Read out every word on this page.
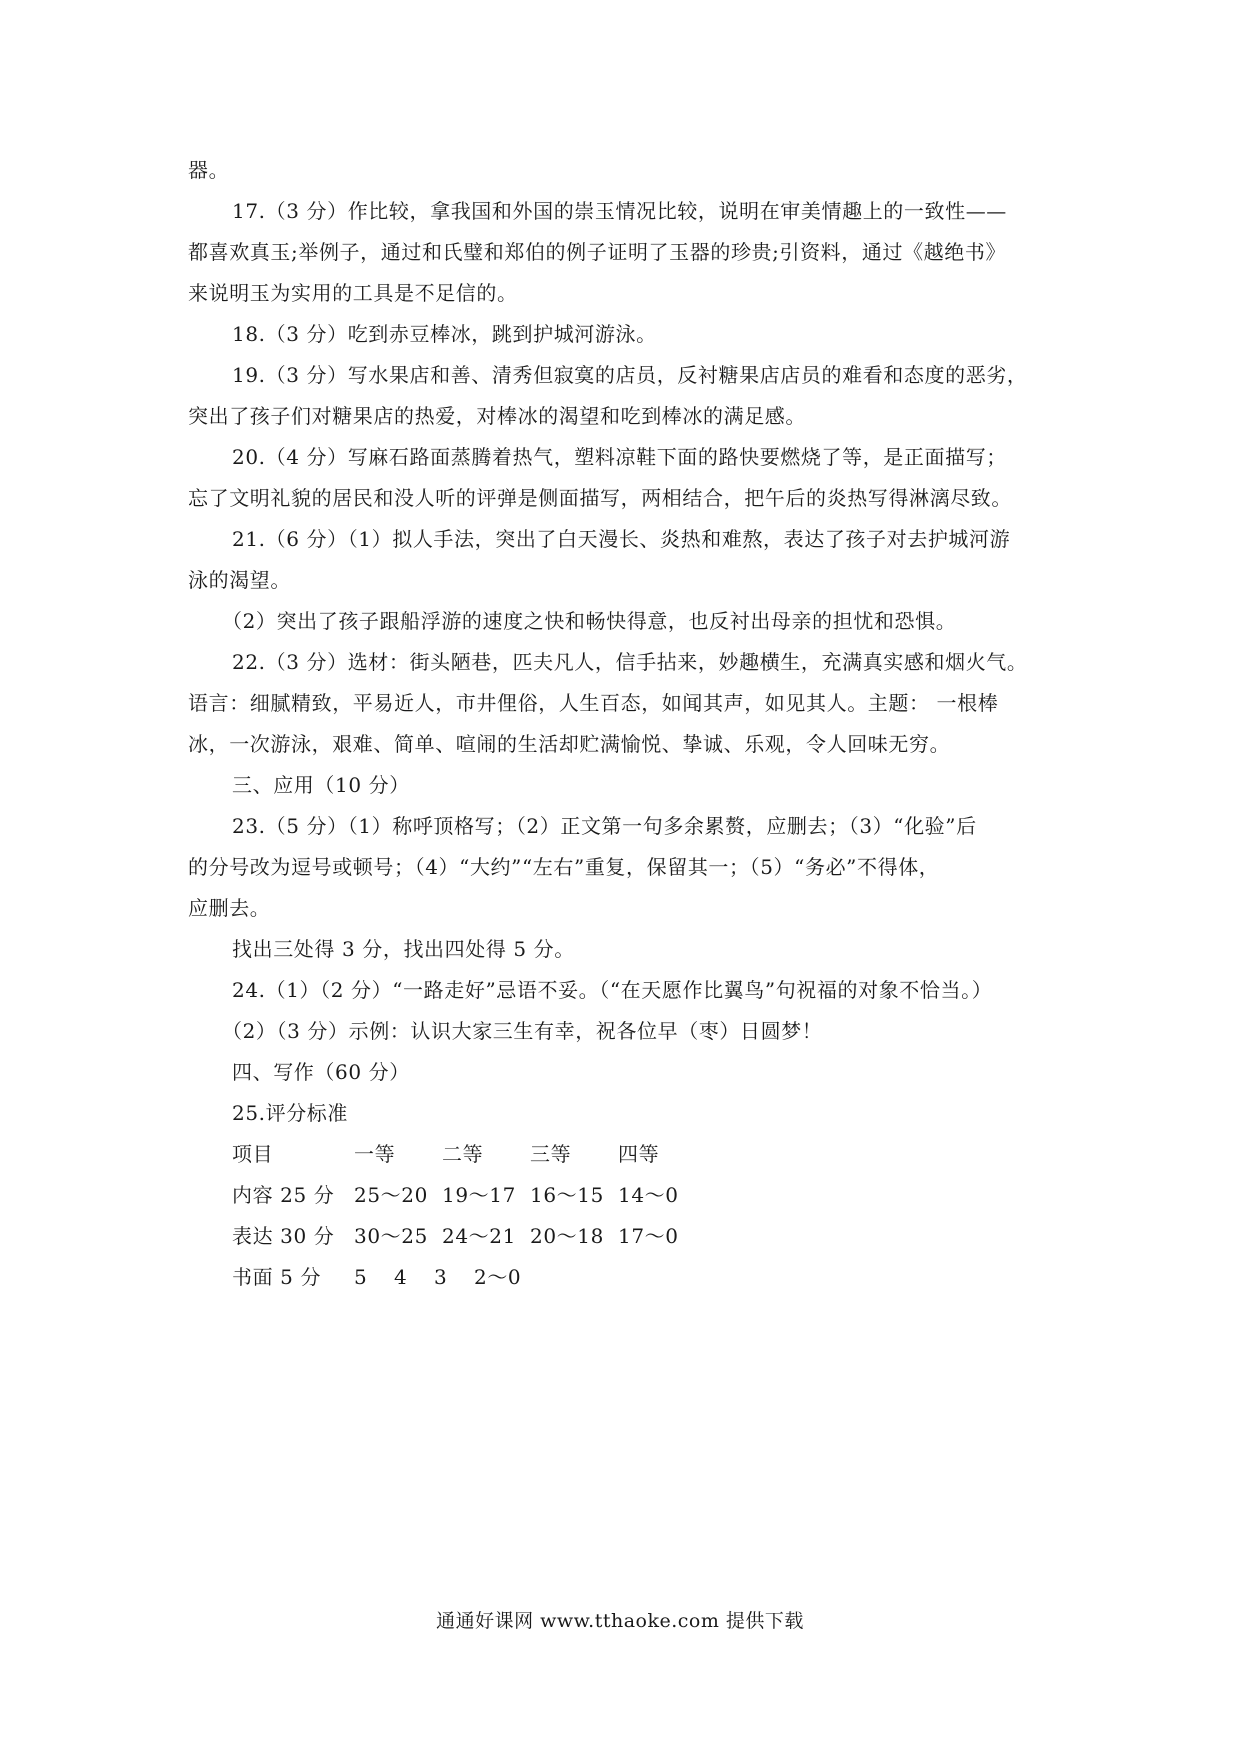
器。

17.（3 分）作比较，拿我国和外国的崇玉情况比较，说明在审美情趣上的一致性——
都喜欢真玉;举例子，通过和氏璧和郑伯的例子证明了玉器的珍贵;引资料，通过《越绝书》
来说明玉为实用的工具是不足信的。

18.（3 分）吃到赤豆棒冰，跳到护城河游泳。

19.（3 分）写水果店和善、清秀但寂寞的店员，反衬糖果店店员的难看和态度的恶劣，
突出了孩子们对糖果店的热爱，对棒冰的渴望和吃到棒冰的满足感。

20.（4 分）写麻石路面蒸腾着热气，塑料凉鞋下面的路快要燃烧了等，是正面描写；
忘了文明礼貌的居民和没人听的评弹是侧面描写，两相结合，把午后的炎热写得淋漓尽致。

21.（6 分）（1）拟人手法，突出了白天漫长、炎热和难熬，表达了孩子对去护城河游
泳的渴望。

（2）突出了孩子跟船浮游的速度之快和畅快得意，也反衬出母亲的担忧和恐惧。

22.（3 分）选材：街头陋巷，匹夫凡人，信手拈来，妙趣横生，充满真实感和烟火气。
语言：细腻精致，平易近人，市井俚俗，人生百态，如闻其声，如见其人。主题： 一根棒
冰，一次游泳，艰难、简单、喧闹的生活却贮满愉悦、挚诚、乐观，令人回味无穷。

三、应用（10 分）

23.（5 分）（1）称呼顶格写；（2）正文第一句多余累赘，应删去；（3）“化验”后
的分号改为逗号或顿号；（4）“大约”“左右”重复，保留其一；（5）“务必”不得体，
应删去。

找出三处得 3 分，找出四处得 5 分。

24.（1）（2 分）“一路走好”忌语不妥。（“在天愿作比翼鸟”句祝福的对象不恰当。）

（2）（3 分）示例：认识大家三生有幸，祝各位早（枣）日圆梦！

四、写作（60 分）

25.评分标准

项目	一等	二等	三等	四等
内容 25 分 25～20 19～17 16～15 14～0
表达 30 分 30～25 24～21 20～18 17～0
书面 5 分	5	4	3	2～0
通通好课网 www.tthaoke.com 提供下载
